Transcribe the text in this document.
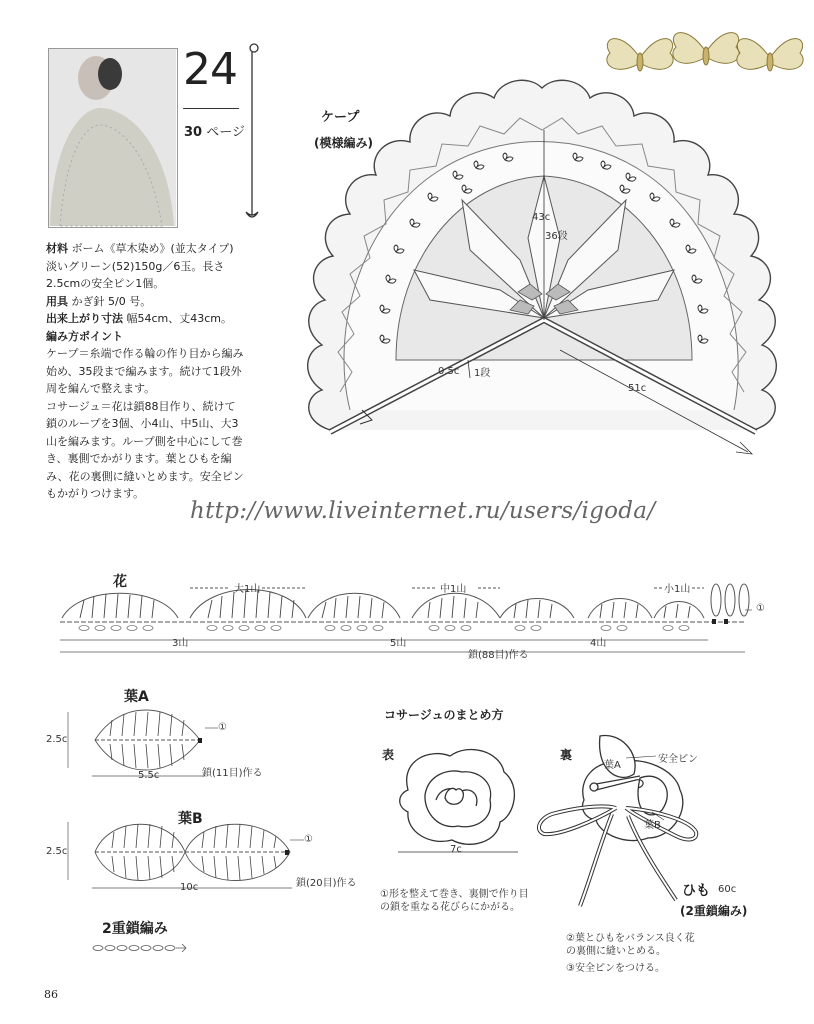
24
30 ページ
材料 ボーム《草木染め》(並太タイプ) 淡いグリーン(52)150g／6玉。長さ2.5cmの安全ピン1個。
用具 かぎ針 5/0 号。
出来上がり寸法 幅54cm、丈43cm。
編み方ポイント
ケープ＝糸端で作る輪の作り目から編み始め、35段まで編みます。続けて1段外周を編んで整えます。
コサージュ＝花は鎖88目作り、続けて鎖のループを3個、小4山、中5山、大3山を編みます。ループ側を中心にして巻き、裏側でかがります。葉とひもを編み、花の裏側に縫いとめます。安全ピンもかがりつけます。
http://www.liveinternet.ru/users/igoda/
ケープ
(模様編み)
43c
36段
0.5c 1段
51c
花	大1山	中1山	小1山
3山	5山	4山
鎖(88目)作る
①
葉A
2.5c
5.5c	鎖(11目)作る
①
葉B
2.5c
10c	鎖(20目)作る
①
2重鎖編み
コサージュのまとめ方
表	裏
7c
葉A
葉B
安全ピン
ひも 60c
(2重鎖編み)
①形を整えて巻き、裏側で作り目の鎖を重なる花びらにかがる。
②葉とひもをバランス良く花の裏側に縫いとめる。
③安全ピンをつける。
86
